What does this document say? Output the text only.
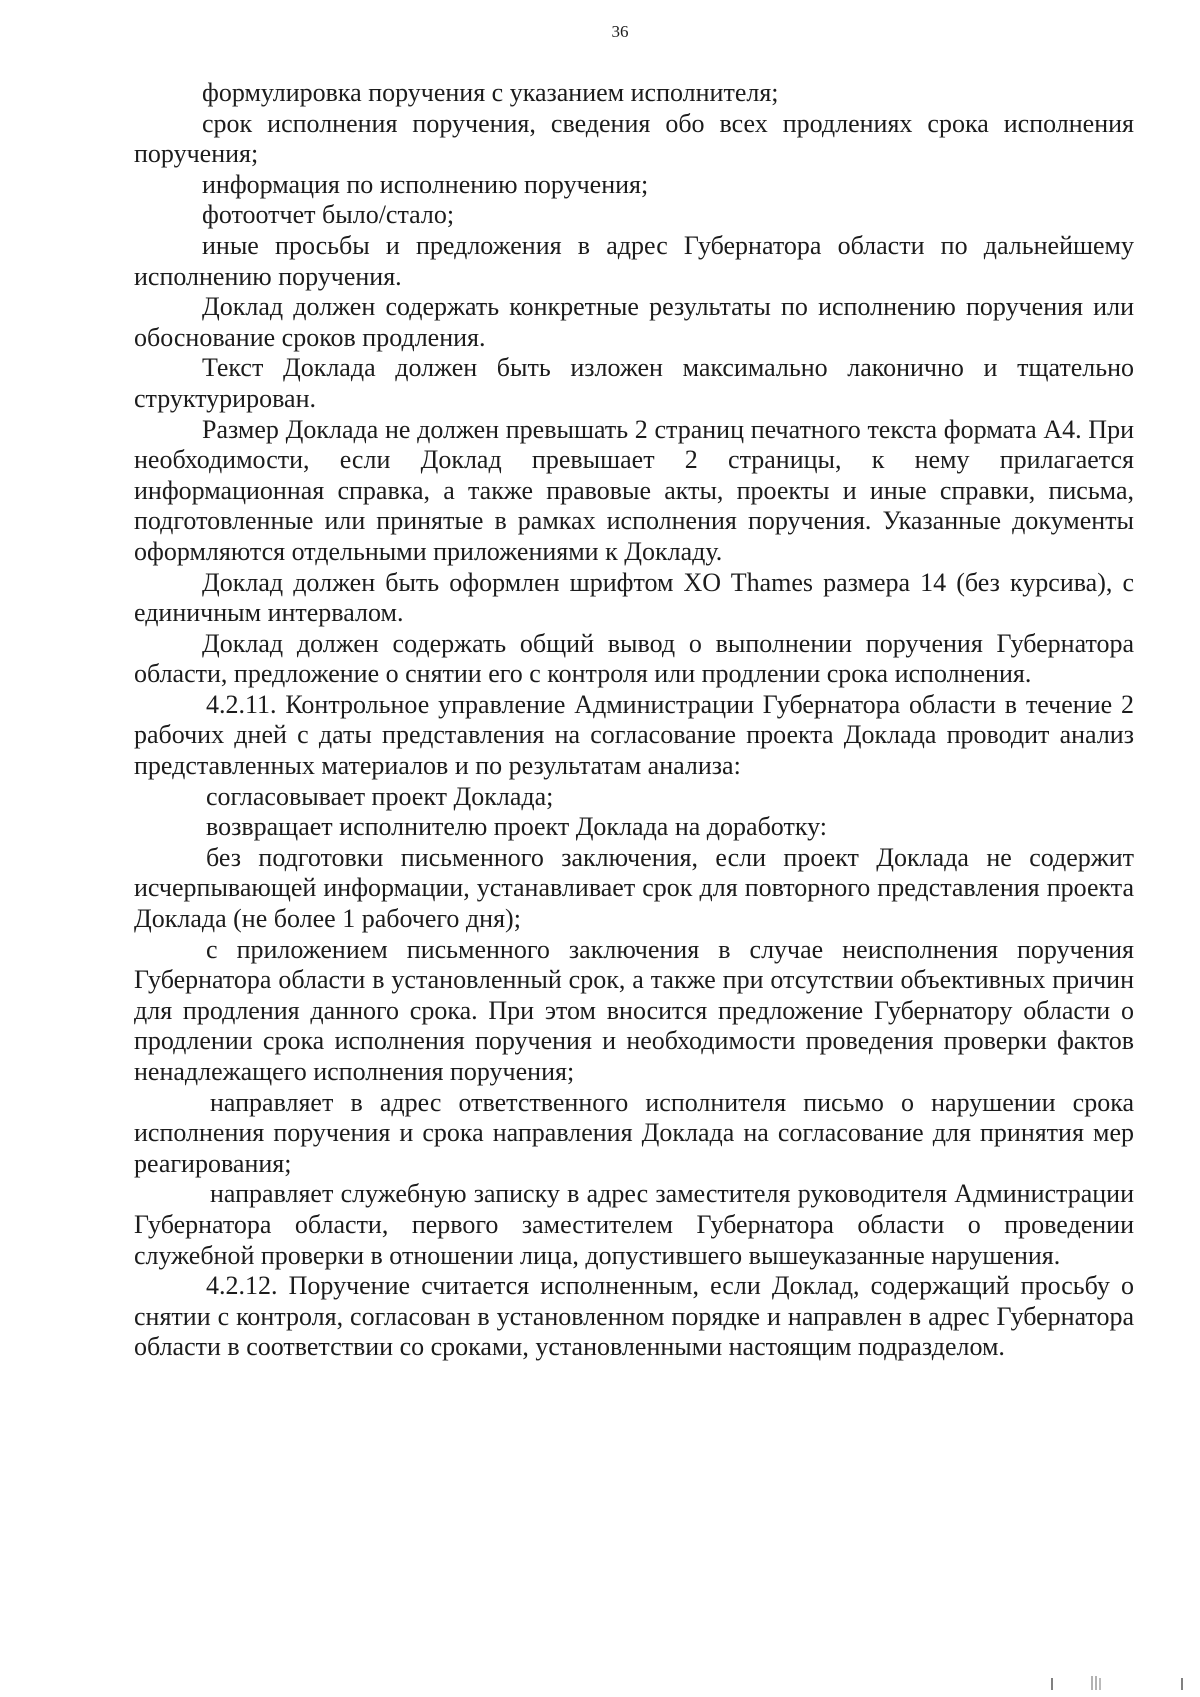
36

формулировка поручения с указанием исполнителя;

срок исполнения поручения, сведения обо всех продлениях срока исполнения поручения;

информация по исполнению поручения;

фотоотчет было/стало;

иные просьбы и предложения в адрес Губернатора области по дальнейшему исполнению поручения.

Доклад должен содержать конкретные результаты по исполнению поручения или обоснование сроков продления.

Текст Доклада должен быть изложен максимально лаконично и тщательно структурирован.

Размер Доклада не должен превышать 2 страниц печатного текста формата А4. При необходимости, если Доклад превышает 2 страницы, к нему прилагается информационная справка, а также правовые акты, проекты и иные справки, письма, подготовленные или принятые в рамках исполнения поручения. Указанные документы оформляются отдельными приложениями к Докладу.

Доклад должен быть оформлен шрифтом XO Thames размера 14 (без курсива), с единичным интервалом.

Доклад должен содержать общий вывод о выполнении поручения Губернатора области, предложение о снятии его с контроля или продлении срока исполнения.

4.2.11. Контрольное управление Администрации Губернатора области в течение 2 рабочих дней с даты представления на согласование проекта Доклада проводит анализ представленных материалов и по результатам анализа:

согласовывает проект Доклада;

возвращает исполнителю проект Доклада на доработку:

без подготовки письменного заключения, если проект Доклада не содержит исчерпывающей информации, устанавливает срок для повторного представления проекта Доклада (не более 1 рабочего дня);

с приложением письменного заключения в случае неисполнения поручения Губернатора области в установленный срок, а также при отсутствии объективных причин для продления данного срока. При этом вносится предложение Губернатору области о продлении срока исполнения поручения и необходимости проведения проверки фактов ненадлежащего исполнения поручения;

направляет в адрес ответственного исполнителя письмо о нарушении срока исполнения поручения и срока направления Доклада на согласование для принятия мер реагирования;

направляет служебную записку в адрес заместителя руководителя Администрации Губернатора области, первого заместителем Губернатора области о проведении служебной проверки в отношении лица, допустившего вышеуказанные нарушения.

4.2.12. Поручение считается исполненным, если Доклад, содержащий просьбу о снятии с контроля, согласован в установленном порядке и направлен в адрес Губернатора области в соответствии со сроками, установленными настоящим подразделом.
